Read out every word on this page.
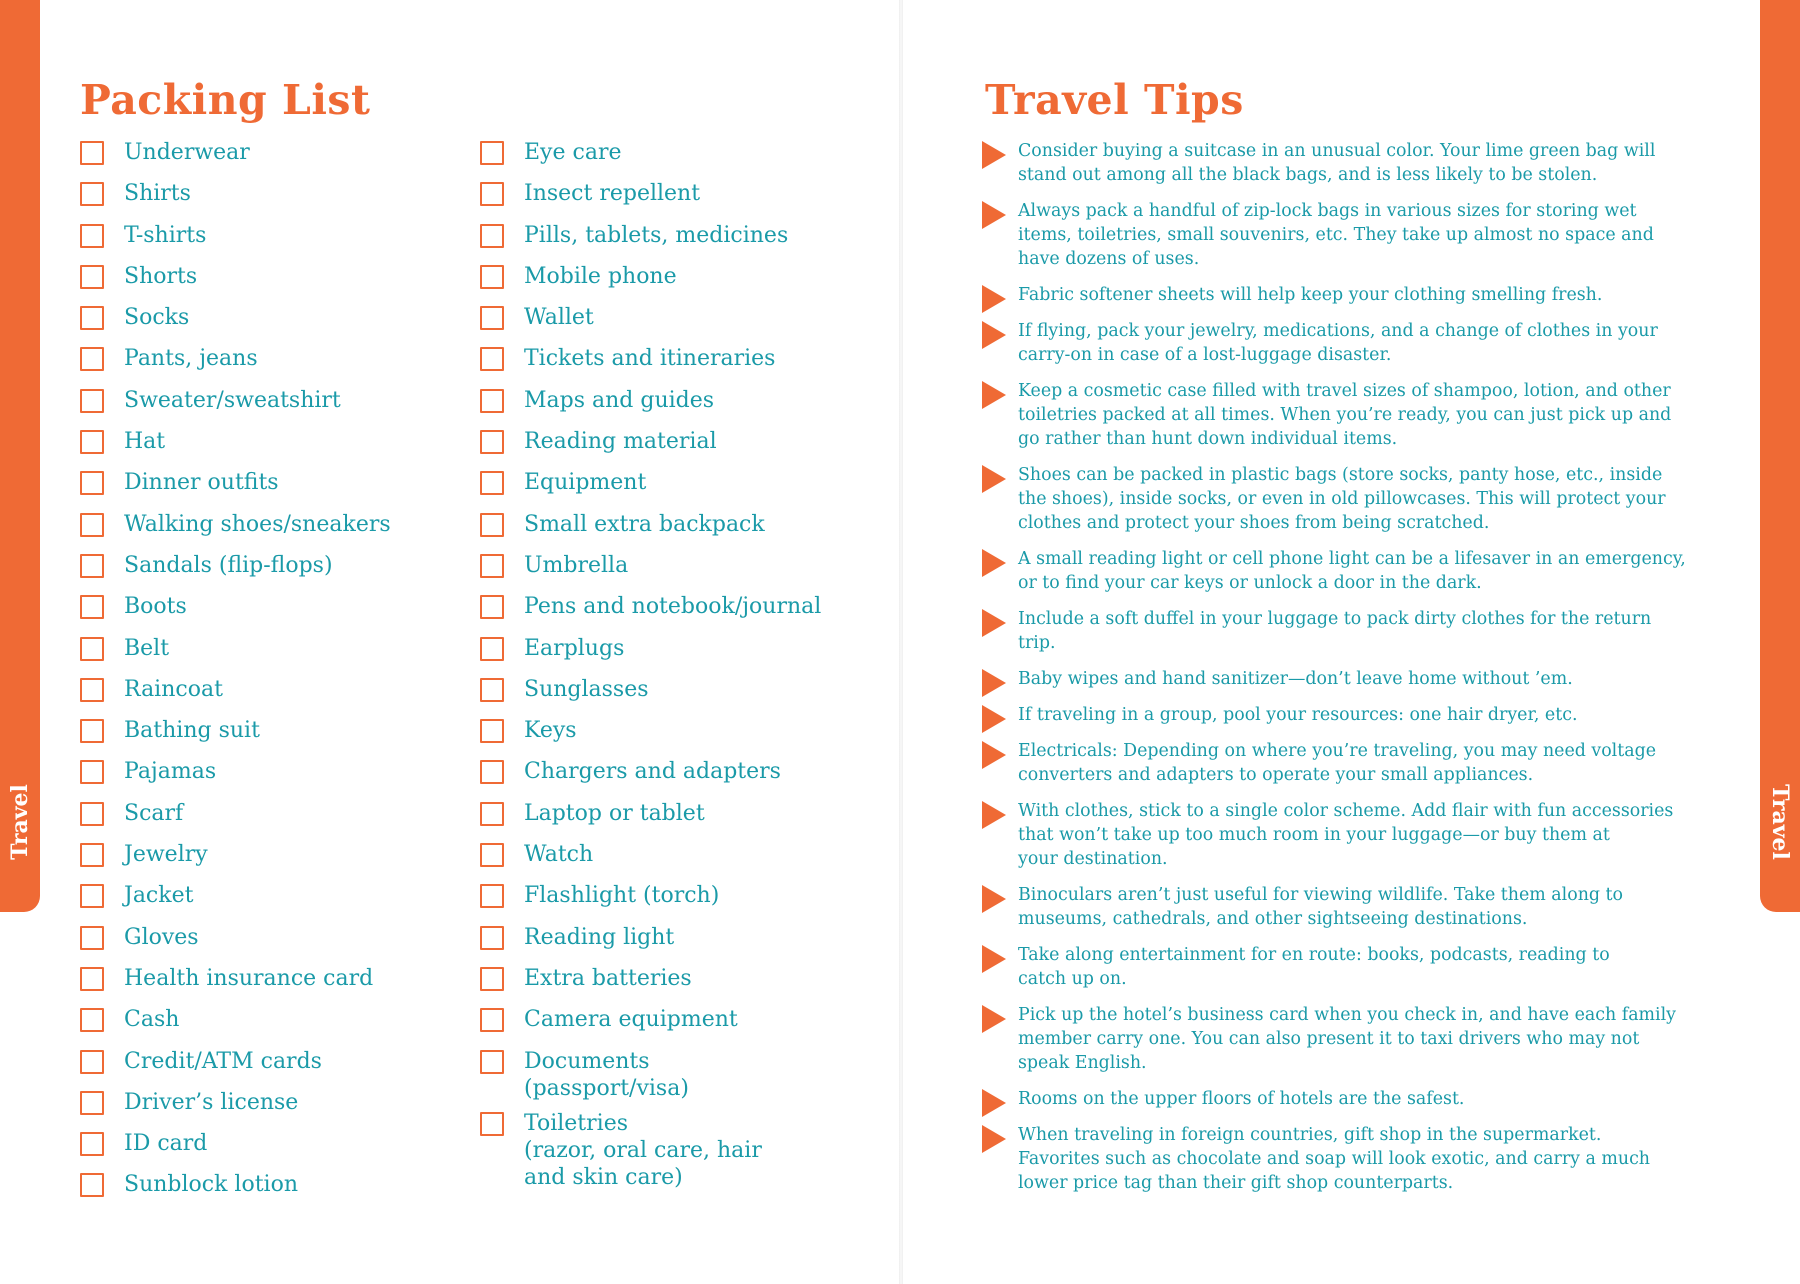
Travel	Travel
Packing List
Underwear
Shirts
T-shirts
Shorts
Socks
Pants, jeans
Sweater/sweatshirt
Hat
Dinner outfits
Walking shoes/sneakers
Sandals (flip-flops)
Boots
Belt
Raincoat
Bathing suit
Pajamas
Scarf
Jewelry
Jacket
Gloves
Health insurance card
Cash
Credit/ATM cards
Driver’s license
ID card
Sunblock lotion
Eye care
Insect repellent
Pills, tablets, medicines
Mobile phone
Wallet
Tickets and itineraries
Maps and guides
Reading material
Equipment
Small extra backpack
Umbrella
Pens and notebook/journal
Earplugs
Sunglasses
Keys
Chargers and adapters
Laptop or tablet
Watch
Flashlight (torch)
Reading light
Extra batteries
Camera equipment
Documents
(passport/visa)
Toiletries
(razor, oral care, hair
and skin care)
Travel Tips
Consider buying a suitcase in an unusual color. Your lime green bag will
stand out among all the black bags, and is less likely to be stolen.
Always pack a handful of zip-lock bags in various sizes for storing wet
items, toiletries, small souvenirs, etc. They take up almost no space and
have dozens of uses.
Fabric softener sheets will help keep your clothing smelling fresh.
If flying, pack your jewelry, medications, and a change of clothes in your
carry-on in case of a lost-luggage disaster.
Keep a cosmetic case filled with travel sizes of shampoo, lotion, and other
toiletries packed at all times. When you’re ready, you can just pick up and
go rather than hunt down individual items.
Shoes can be packed in plastic bags (store socks, panty hose, etc., inside
the shoes), inside socks, or even in old pillowcases. This will protect your
clothes and protect your shoes from being scratched.
A small reading light or cell phone light can be a lifesaver in an emergency,
or to find your car keys or unlock a door in the dark.
Include a soft duffel in your luggage to pack dirty clothes for the return
trip.
Baby wipes and hand sanitizer—don’t leave home without ’em.
If traveling in a group, pool your resources: one hair dryer, etc.
Electricals: Depending on where you’re traveling, you may need voltage
converters and adapters to operate your small appliances.
With clothes, stick to a single color scheme. Add flair with fun accessories
that won’t take up too much room in your luggage—or buy them at
your destination.
Binoculars aren’t just useful for viewing wildlife. Take them along to
museums, cathedrals, and other sightseeing destinations.
Take along entertainment for en route: books, podcasts, reading to
catch up on.
Pick up the hotel’s business card when you check in, and have each family
member carry one. You can also present it to taxi drivers who may not
speak English.
Rooms on the upper floors of hotels are the safest.
When traveling in foreign countries, gift shop in the supermarket.
Favorites such as chocolate and soap will look exotic, and carry a much
lower price tag than their gift shop counterparts.
